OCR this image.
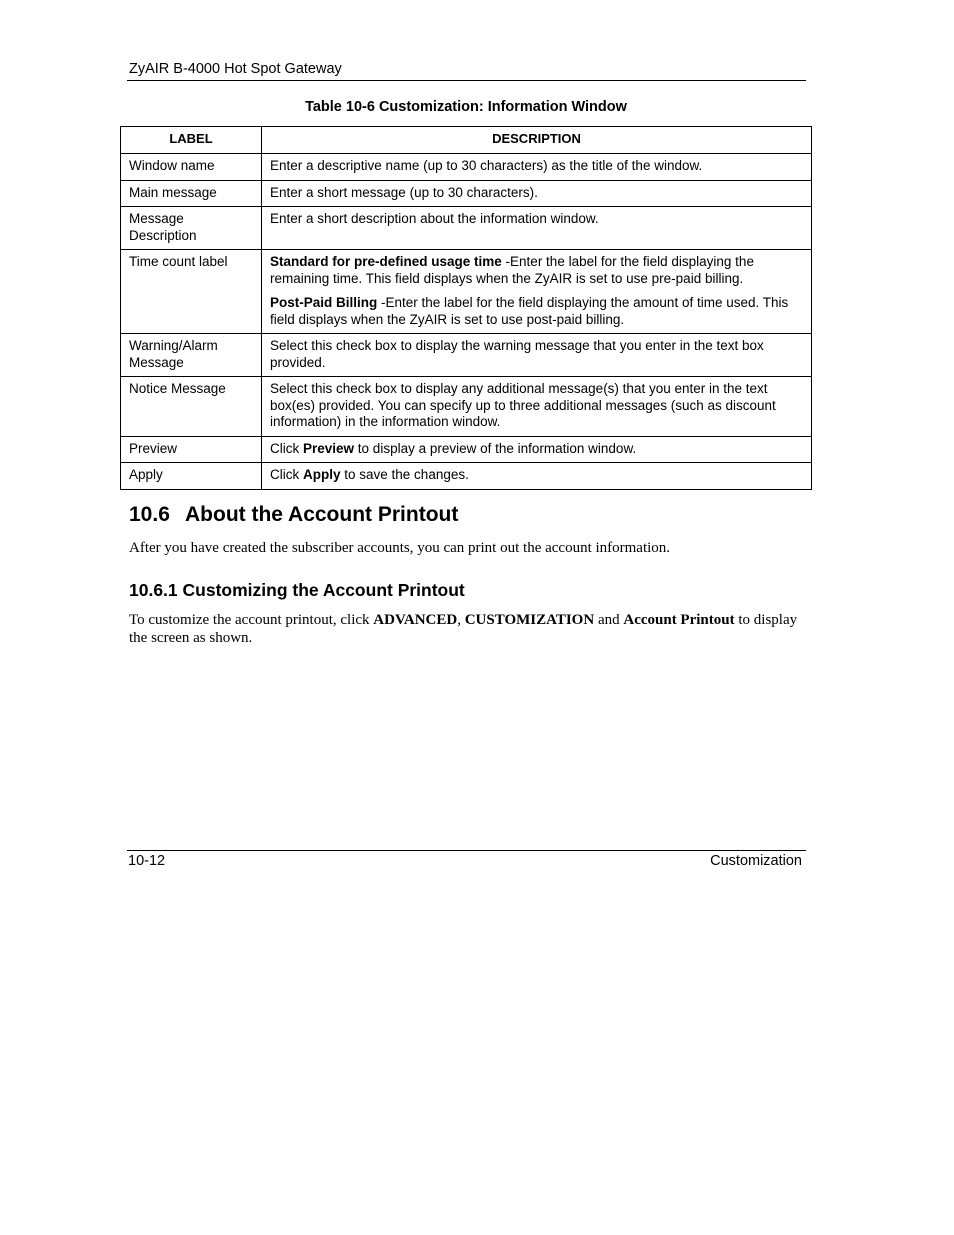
ZyAIR B-4000 Hot Spot Gateway
Table 10-6 Customization: Information Window
LABEL	DESCRIPTION
Window name	Enter a descriptive name (up to 30 characters) as the title of the window.
Main message	Enter a short message (up to 30 characters).
Message Description	Enter a short description about the information window.
Time count label	Standard for pre-defined usage time -Enter the label for the field displaying the remaining time. This field displays when the ZyAIR is set to use pre-paid billing.

Post-Paid Billing -Enter the label for the field displaying the amount of time used. This field displays when the ZyAIR is set to use post-paid billing.

Warning/Alarm Message	Select this check box to display the warning message that you enter in the text box provided.
Notice Message	Select this check box to display any additional message(s) that you enter in the text box(es) provided. You can specify up to three additional messages (such as discount information) in the information window.
Preview	Click Preview to display a preview of the information window.
Apply	Click Apply to save the changes.
10.6 About the Account Printout

After you have created the subscriber accounts, you can print out the account information.

10.6.1 Customizing the Account Printout

To customize the account printout, click ADVANCED, CUSTOMIZATION and Account Printout to display the screen as shown.

10-12	Customization
